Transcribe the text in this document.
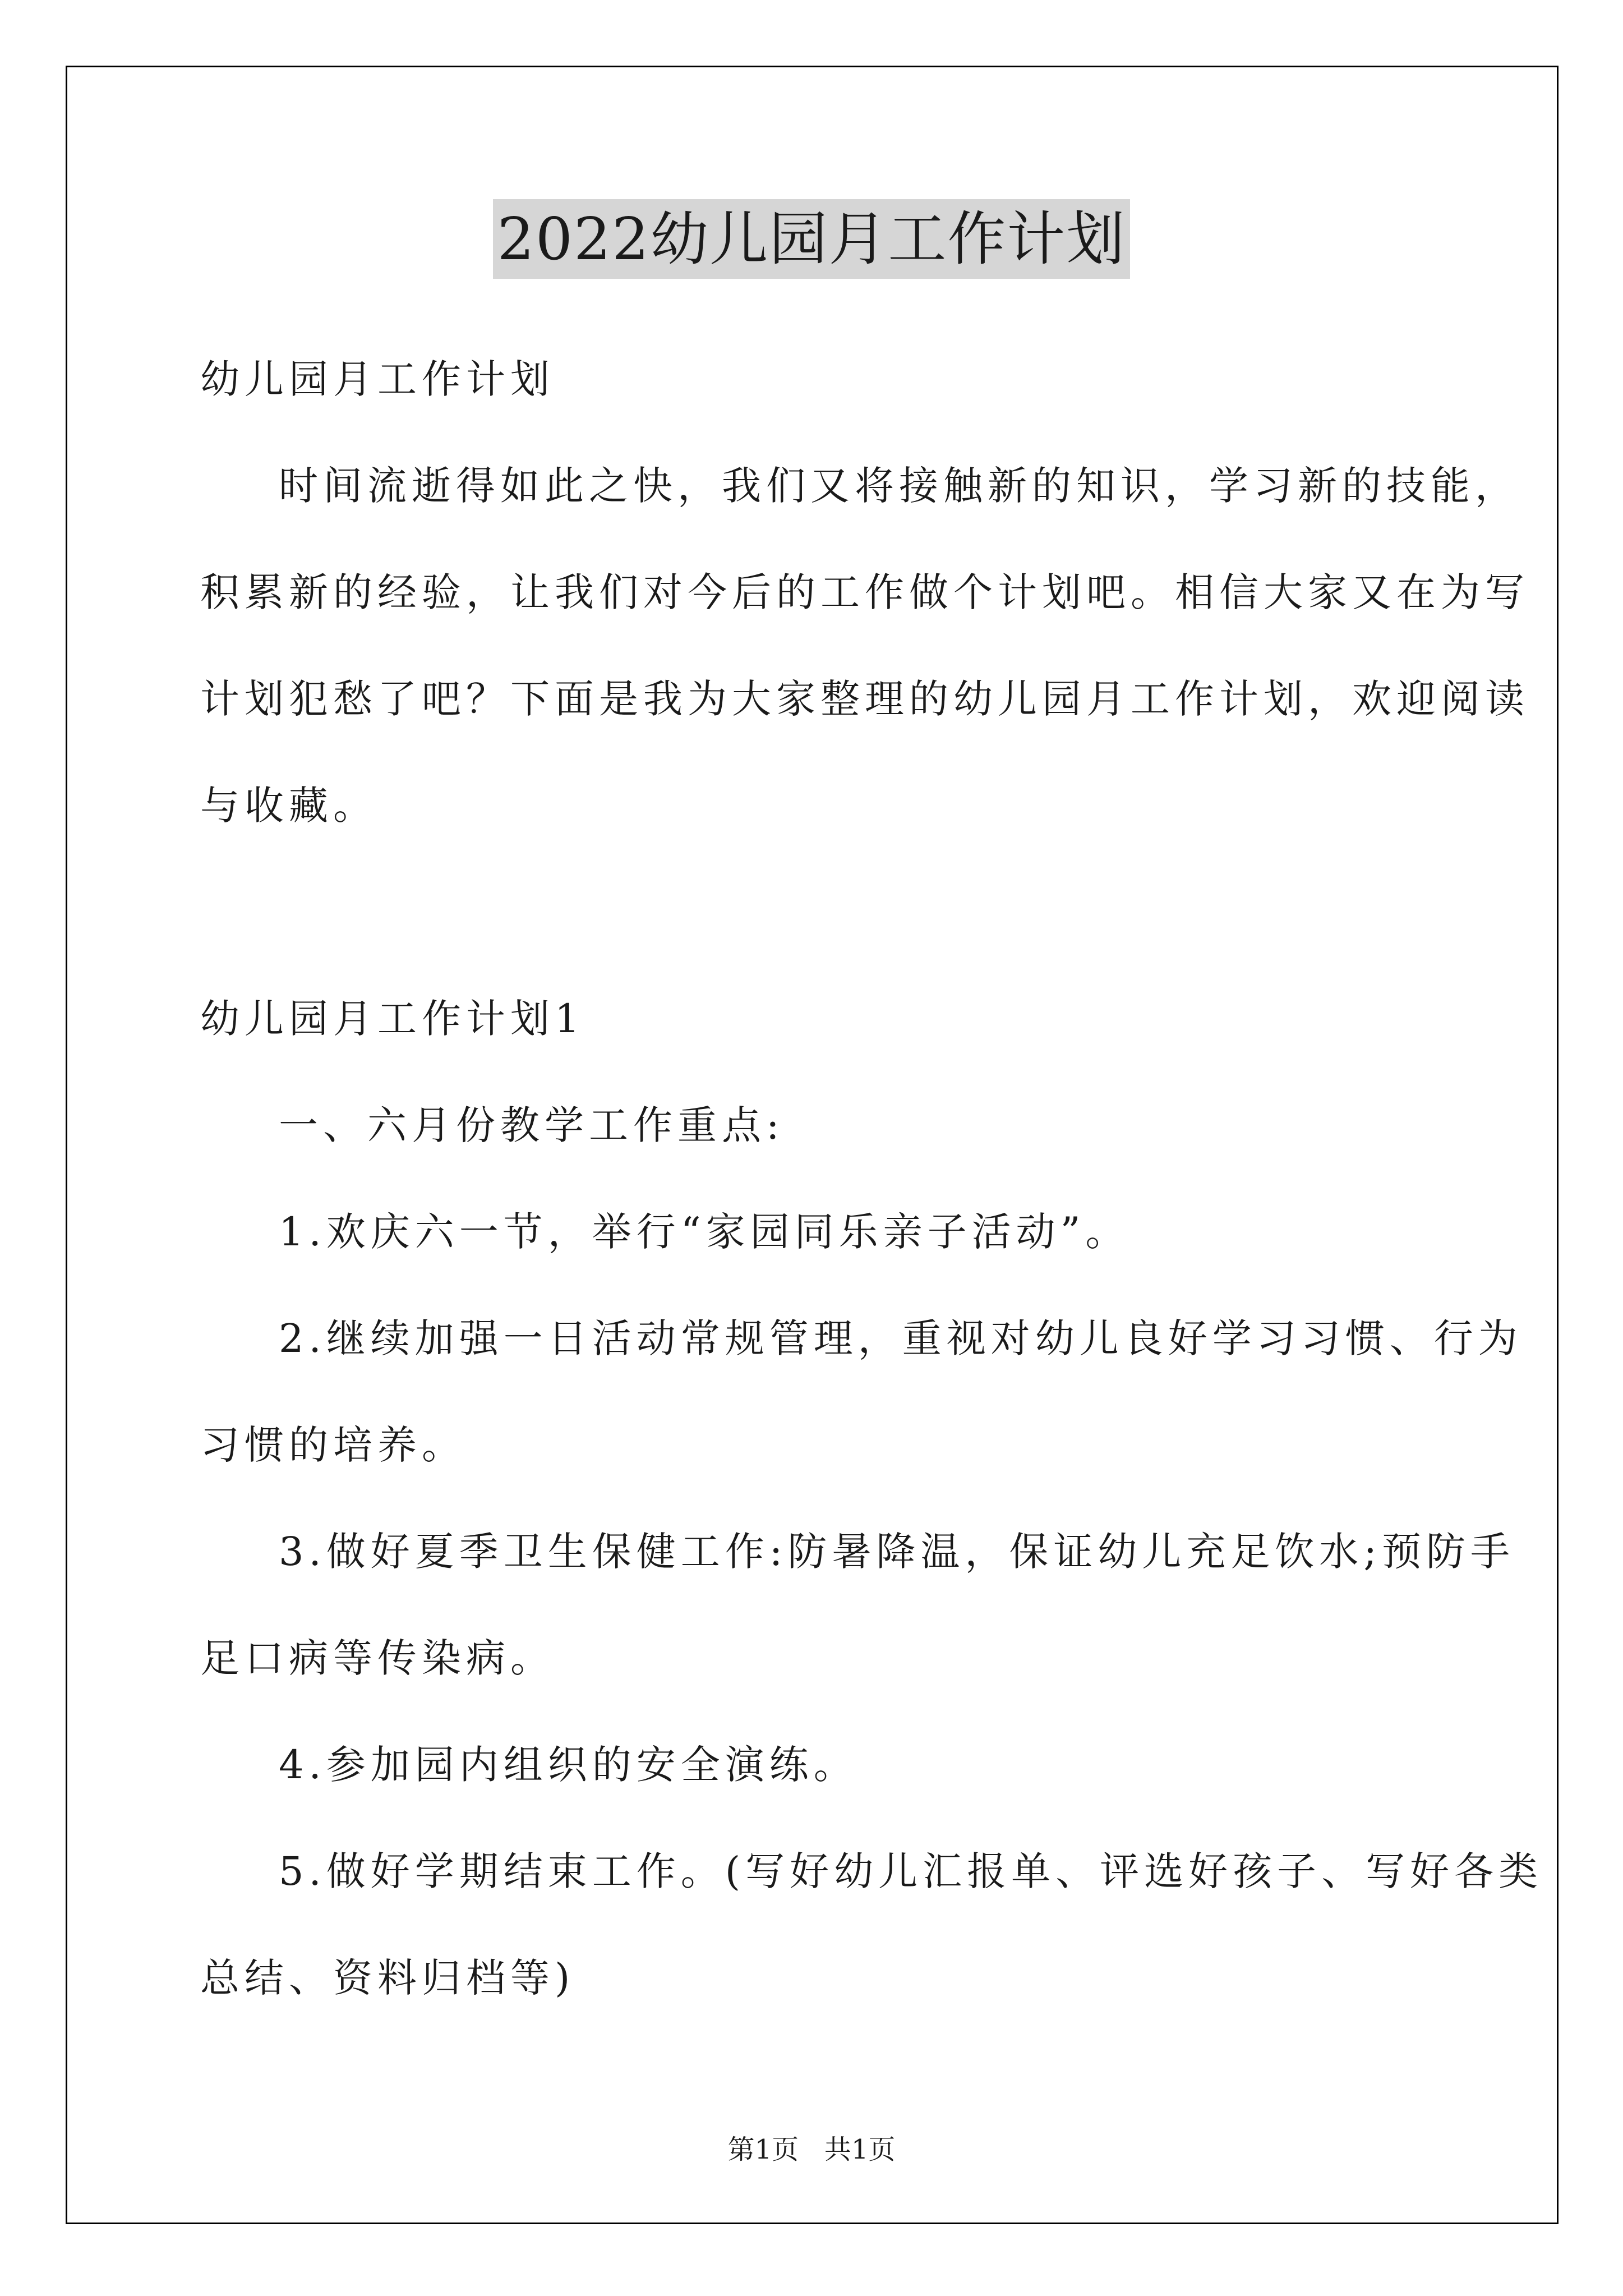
2022幼儿园月工作计划
幼儿园月工作计划
时间流逝得如此之快，我们又将接触新的知识，学习新的技能，
积累新的经验，让我们对今后的工作做个计划吧。相信大家又在为写
计划犯愁了吧？下面是我为大家整理的幼儿园月工作计划，欢迎阅读
与收藏。
幼儿园月工作计划1
一、六月份教学工作重点:
1.欢庆六一节，举行“家园同乐亲子活动”。
2.继续加强一日活动常规管理，重视对幼儿良好学习习惯、行为
习惯的培养。
3.做好夏季卫生保健工作:防暑降温，保证幼儿充足饮水;预防手
足口病等传染病。
4.参加园内组织的安全演练。
5.做好学期结束工作。(写好幼儿汇报单、评选好孩子、写好各类
总结、资料归档等)
第1页   共1页
